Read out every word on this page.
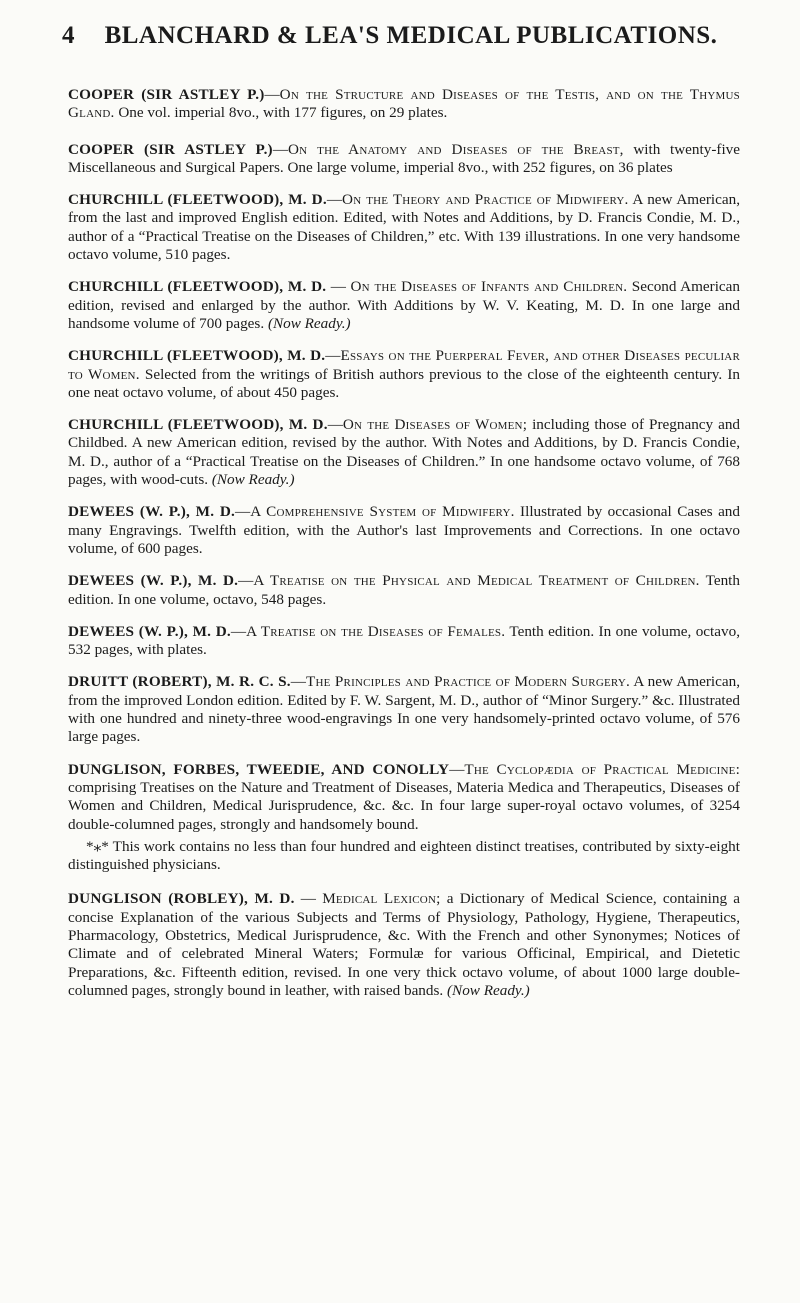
4	BLANCHARD & LEA'S MEDICAL PUBLICATIONS.
COOPER (SIR ASTLEY P.)—On the Structure and Diseases of the Testis, and on the Thymus Gland. One vol. imperial 8vo., with 177 figures, on 29 plates.
COOPER (SIR ASTLEY P.)—On the Anatomy and Diseases of the Breast, with twenty-five Miscellaneous and Surgical Papers. One large volume, imperial 8vo., with 252 figures, on 36 plates
CHURCHILL (FLEETWOOD), M. D.—On the Theory and Practice of Midwifery. A new American, from the last and improved English edition. Edited, with Notes and Additions, by D. Francis Condie, M. D., author of a “Practical Treatise on the Diseases of Children,” etc. With 139 illustrations. In one very handsome octavo volume, 510 pages.
CHURCHILL (FLEETWOOD), M. D. — On the Diseases of Infants and Children. Second American edition, revised and enlarged by the author. With Additions by W. V. Keating, M. D. In one large and handsome volume of 700 pages. (Now Ready.)
CHURCHILL (FLEETWOOD), M. D.—Essays on the Puerperal Fever, and other Diseases peculiar to Women. Selected from the writings of British authors previous to the close of the eighteenth century. In one neat octavo volume, of about 450 pages.
CHURCHILL (FLEETWOOD), M. D.—On the Diseases of Women; including those of Pregnancy and Childbed. A new American edition, revised by the author. With Notes and Additions, by D. Francis Condie, M. D., author of a “Practical Treatise on the Diseases of Children.” In one handsome octavo volume, of 768 pages, with wood-cuts. (Now Ready.)
DEWEES (W. P.), M. D.—A Comprehensive System of Midwifery. Illustrated by occasional Cases and many Engravings. Twelfth edition, with the Author's last Improvements and Corrections. In one octavo volume, of 600 pages.
DEWEES (W. P.), M. D.—A Treatise on the Physical and Medical Treatment of Children. Tenth edition. In one volume, octavo, 548 pages.
DEWEES (W. P.), M. D.—A Treatise on the Diseases of Females. Tenth edition. In one volume, octavo, 532 pages, with plates.
DRUITT (ROBERT), M. R. C. S.—The Principles and Practice of Modern Surgery. A new American, from the improved London edition. Edited by F. W. Sargent, M. D., author of “Minor Surgery.” &c. Illustrated with one hundred and ninety-three wood-engravings In one very handsomely-printed octavo volume, of 576 large pages.
DUNGLISON, FORBES, TWEEDIE, AND CONOLLY—The Cyclopædia of Practical Medicine: comprising Treatises on the Nature and Treatment of Diseases, Materia Medica and Therapeutics, Diseases of Women and Children, Medical Jurisprudence, &c. &c. In four large super-royal octavo volumes, of 3254 double-columned pages, strongly and handsomely bound.
*⁎* This work contains no less than four hundred and eighteen distinct treatises, contributed by sixty-eight distinguished physicians.
DUNGLISON (ROBLEY), M. D. — Medical Lexicon; a Dictionary of Medical Science, containing a concise Explanation of the various Subjects and Terms of Physiology, Pathology, Hygiene, Therapeutics, Pharmacology, Obstetrics, Medical Jurisprudence, &c. With the French and other Synonymes; Notices of Climate and of celebrated Mineral Waters; Formulæ for various Officinal, Empirical, and Dietetic Preparations, &c. Fifteenth edition, revised. In one very thick octavo volume, of about 1000 large double-columned pages, strongly bound in leather, with raised bands. (Now Ready.)
